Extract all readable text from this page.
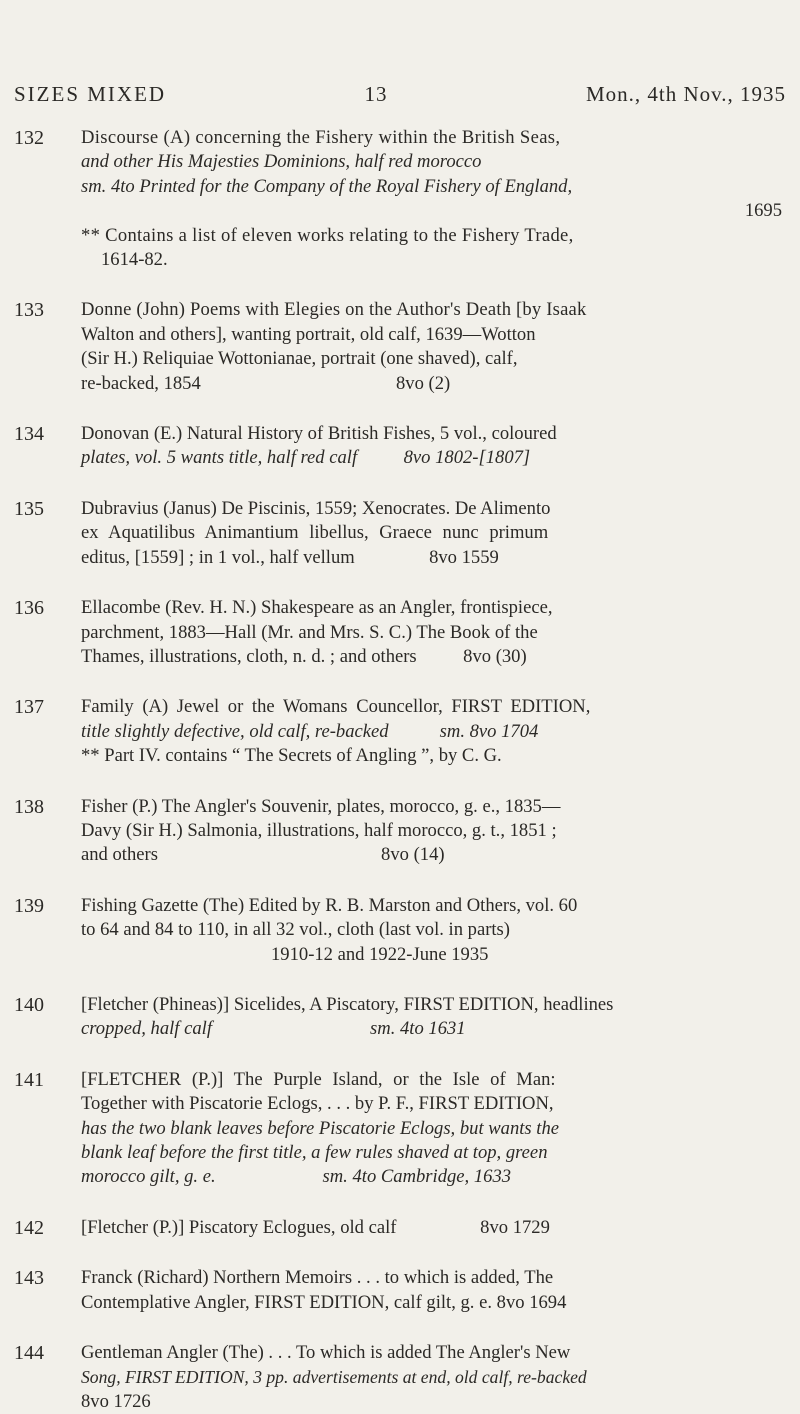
SIZES MIXED	13	Mon., 4th Nov., 1935
132	Discourse (A) concerning the Fishery within the British Seas,
and other His Majesties Dominions, half red morocco
sm. 4to Printed for the Company of the Royal Fishery of England,
1695
** Contains a list of eleven works relating to the Fishery Trade,
1614-82.
133	Donne (John) Poems with Elegies on the Author's Death [by Isaak
Walton and others], wanting portrait, old calf, 1639—Wotton
(Sir H.) Reliquiae Wottonianae, portrait (one shaved), calf,
re-backed, 1854                                          8vo (2)
134	Donovan (E.) Natural History of British Fishes, 5 vol., coloured
plates, vol. 5 wants title, half red calf          8vo 1802-[1807]
135	Dubravius (Janus) De Piscinis, 1559; Xenocrates. De Alimento
ex Aquatilibus Animantium libellus, Graece nunc primum
editus, [1559] ; in 1 vol., half vellum                8vo 1559
136	Ellacombe (Rev. H. N.) Shakespeare as an Angler, frontispiece,
parchment, 1883—Hall (Mr. and Mrs. S. C.) The Book of the
Thames, illustrations, cloth, n. d. ; and others          8vo (30)
137	Family (A) Jewel or the Womans Councellor, FIRST EDITION,
title slightly defective, old calf, re-backed           sm. 8vo 1704
** Part IV. contains “ The Secrets of Angling ”, by C. G.
138	Fisher (P.) The Angler's Souvenir, plates, morocco, g. e., 1835—
Davy (Sir H.) Salmonia, illustrations, half morocco, g. t., 1851 ;
and others                                                8vo (14)
139	Fishing Gazette (The) Edited by R. B. Marston and Others, vol. 60
to 64 and 84 to 110, in all 32 vol., cloth (last vol. in parts)
1910-12 and 1922-June 1935
140	[Fletcher (Phineas)] Sicelides, A Piscatory, FIRST EDITION, headlines
cropped, half calf                                  sm. 4to 1631
141	[FLETCHER (P.)] The Purple Island, or the Isle of Man:
Together with Piscatorie Eclogs, . . . by P. F., FIRST EDITION,
has the two blank leaves before Piscatorie Eclogs, but wants the
blank leaf before the first title, a few rules shaved at top, green
morocco gilt, g. e.                       sm. 4to Cambridge, 1633
142	[Fletcher (P.)] Piscatory Eclogues, old calf                  8vo 1729
143	Franck (Richard) Northern Memoirs . . . to which is added, The
Contemplative Angler, FIRST EDITION, calf gilt, g. e. 8vo 1694
144	Gentleman Angler (The) . . . To which is added The Angler's New
Song, FIRST EDITION, 3 pp. advertisements at end, old calf, re-backed
8vo 1726
